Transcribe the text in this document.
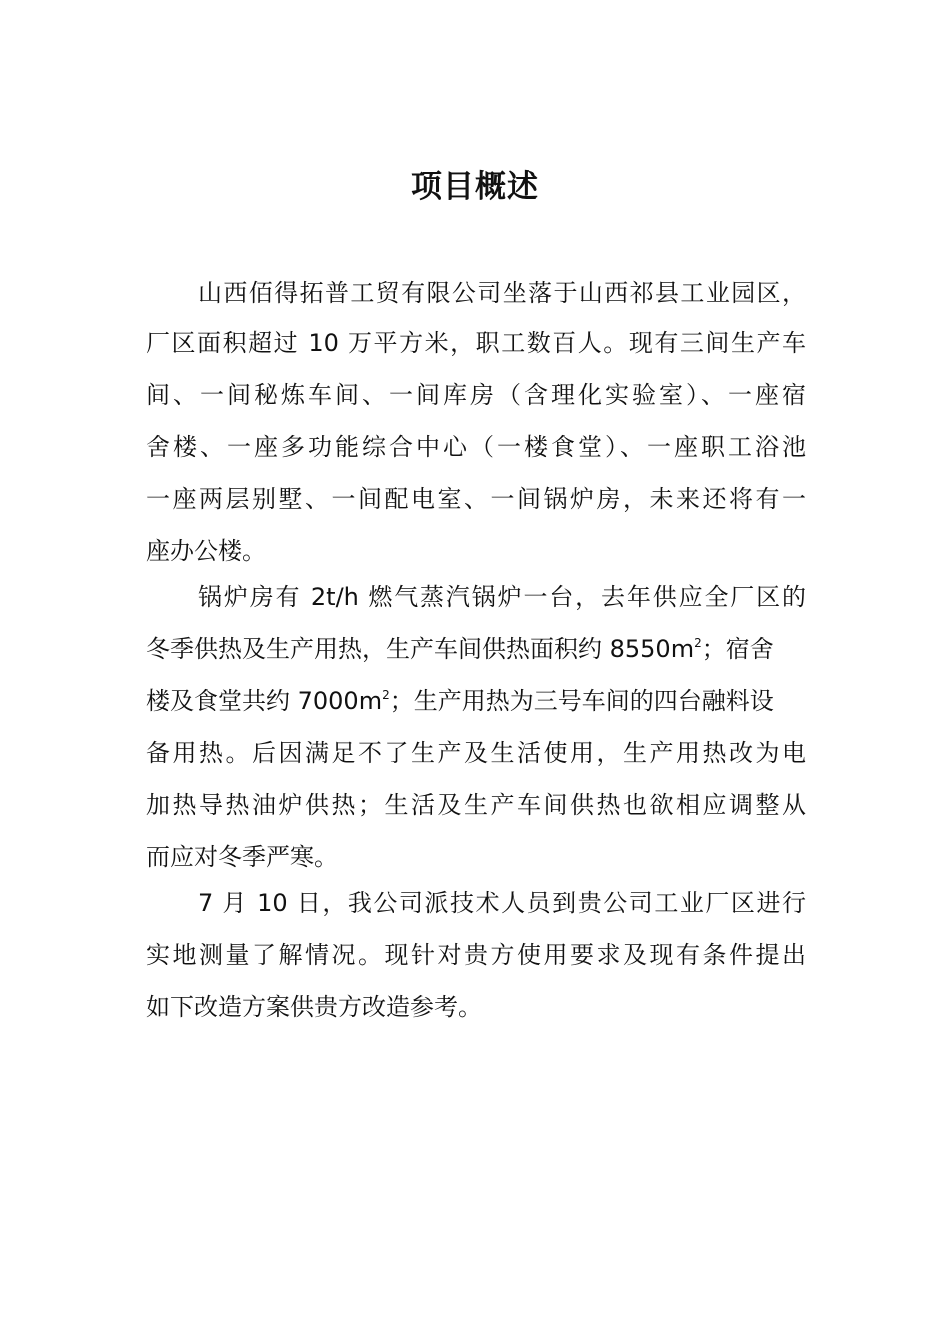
项目概述
山西佰得拓普工贸有限公司坐落于山西祁县工业园区，
厂区面积超过 10 万平方米，职工数百人。现有三间生产车
间、一间秘炼车间、一间库房（含理化实验室）、一座宿
舍楼、一座多功能综合中心（一楼食堂）、一座职工浴池
一座两层别墅、一间配电室、一间锅炉房，未来还将有一
座办公楼。
锅炉房有 2t/h 燃气蒸汽锅炉一台，去年供应全厂区的
冬季供热及生产用热，生产车间供热面积约 $8550m^2$；宿舍
楼及食堂共约 $7000m^2$；生产用热为三号车间的四台融料设
备用热。后因满足不了生产及生活使用，生产用热改为电
加热导热油炉供热；生活及生产车间供热也欲相应调整从
而应对冬季严寒。
7 月 10 日，我公司派技术人员到贵公司工业厂区进行
实地测量了解情况。现针对贵方使用要求及现有条件提出
如下改造方案供贵方改造参考。
